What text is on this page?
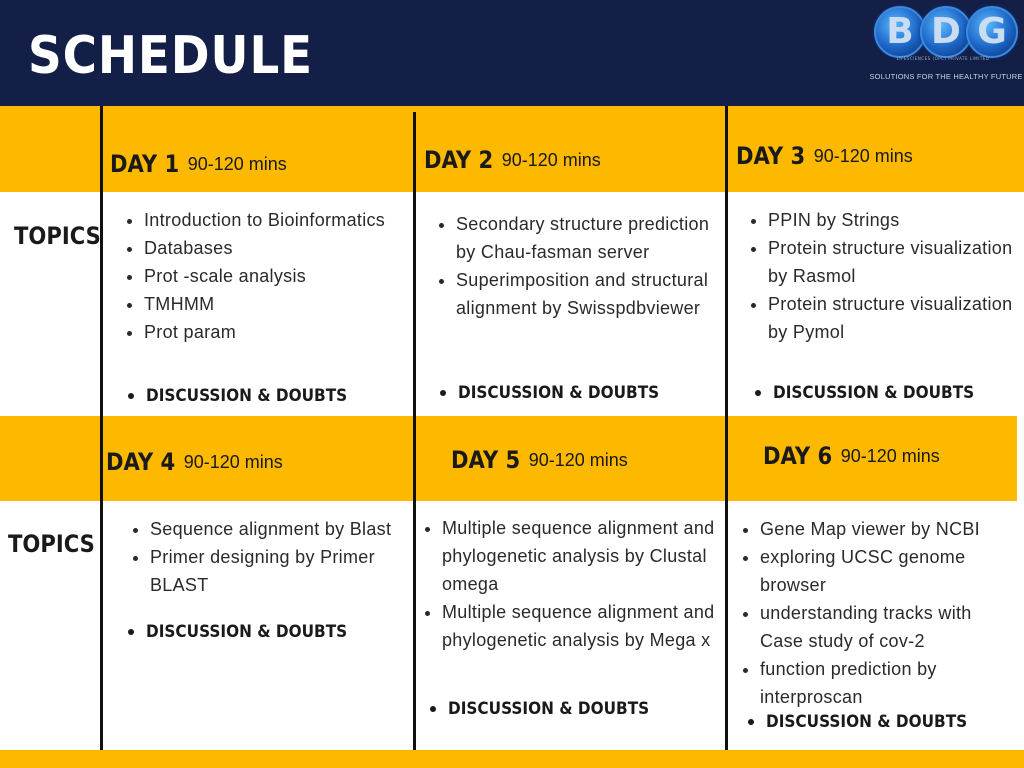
SCHEDULE	B D G
LIFESCIENCES (OPC) PRIVATE LIMITED
SOLUTIONS FOR THE HEALTHY FUTURE
DAY 1 90-120 mins	DAY 2 90-120 mins	DAY 3 90-120 mins
TOPICS
• Introduction to Bioinformatics
• Databases
• Prot -scale analysis
• TMHMM
• Prot param
DISCUSSION & DOUBTS
• Secondary structure prediction by Chau-fasman server
• Superimposition and structural alignment by Swisspdbviewer
DISCUSSION & DOUBTS
• PPIN by Strings
• Protein structure visualization by Rasmol
• Protein structure visualization by Pymol
DISCUSSION & DOUBTS
DAY 4 90-120 mins	DAY 5 90-120 mins	DAY 6 90-120 mins
TOPICS
• Sequence alignment by Blast
• Primer designing by Primer BLAST
DISCUSSION & DOUBTS
• Multiple sequence alignment and phylogenetic analysis by Clustal omega
• Multiple sequence alignment and phylogenetic analysis by Mega x
DISCUSSION & DOUBTS
• Gene Map viewer by NCBI
• exploring UCSC genome browser
• understanding tracks with Case study of cov-2
• function prediction by interproscan
DISCUSSION & DOUBTS
